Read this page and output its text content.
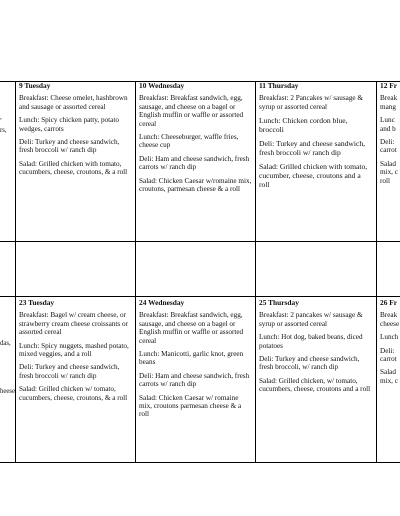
,

rs,

9 Tuesday

Breakfast: Cheese omelet, hashbrown and sausage or assorted cereal

Lunch: Spicy chicken patty, potato wedges, carrots

Deli: Turkey and cheese sandwich, fresh broccoli w/ ranch dip

Salad: Grilled chicken with tomato, cucumbers, cheese, croutons, & a roll

10 Wednesday

Breakfast: Breakfast sandwich, egg, sausage, and cheese on a bagel or English muffin or waffle or assorted cereal

Lunch: Cheeseburger, waffle fries, cheese cup

Deli: Ham and cheese sandwich, fresh carrots w/ ranch dip

Salad: Chicken Caesar w/romaine mix, croutons, parmesan cheese & a roll

11 Thursday

Breakfast: 2 Pancakes w/ sausage & syrup or assorted cereal

Lunch: Chicken cordon blue, broccoli

Deli: Turkey and cheese sandwich, fresh broccoli w/ ranch dip

Salad: Grilled chicken with tomato, cucumber, cheese, croutons and a roll

12 Fr

Break mang

Lunc and b

Deli: carrot

Salad mix, c roll

das,

heese

23 Tuesday

Breakfast: Bagel w/ cream cheese, or strawberry cream cheese croissants or assorted cereal

Lunch: Spicy nuggets, mashed potato, mixed veggies, and a roll

Deli: Turkey and cheese sandwich, fresh broccoli w/ ranch dip

Salad: Grilled chicken w/ tomato, cucumbers, cheese, croutons, & a roll

24 Wednesday

Breakfast: Breakfast sandwich, egg, sausage, and cheese on a bagel or English muffin or waffle or assorted cereal

Lunch: Manicotti, garlic knot, green beans

Deli: Ham and cheese sandwich, fresh carrots w/ ranch dip

Salad: Chicken Caesar w/ romaine mix, croutons parmesan cheese & a roll

25 Thursday

Breakfast: 2 pancakes w/ sausage & syrup or assorted cereal

Lunch: Hot dog, baked beans, diced potatoes

Deli: Turkey and cheese sandwich, fresh broccoli, w/ ranch dip

Salad: Grilled chicken, w/ tomato, cucumbers, cheese, croutons and a roll

26 Fr

Break cheese

Lunch

Deli: carrot

Salad mix, c
